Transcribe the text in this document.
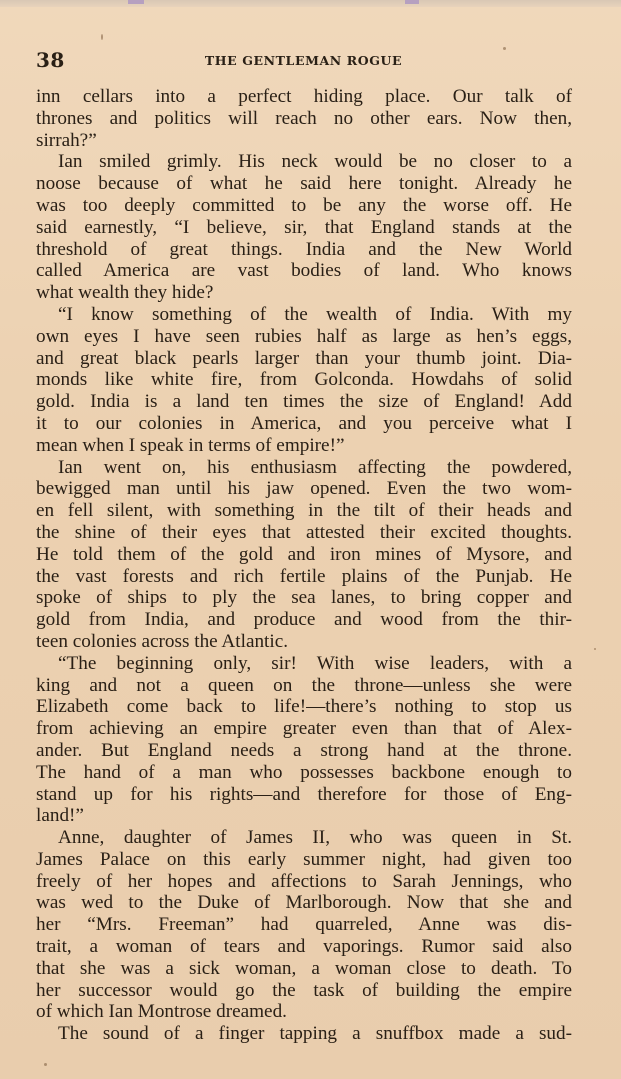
38	THE GENTLEMAN ROGUE
inn cellars into a perfect hiding place. Our talk of
thrones and politics will reach no other ears. Now then,
sirrah?”
Ian smiled grimly. His neck would be no closer to a
noose because of what he said here tonight. Already he
was too deeply committed to be any the worse off. He
said earnestly, “I believe, sir, that England stands at the
threshold of great things. India and the New World
called America are vast bodies of land. Who knows
what wealth they hide?
“I know something of the wealth of India. With my
own eyes I have seen rubies half as large as hen’s eggs,
and great black pearls larger than your thumb joint. Dia-
monds like white fire, from Golconda. Howdahs of solid
gold. India is a land ten times the size of England! Add
it to our colonies in America, and you perceive what I
mean when I speak in terms of empire!”
Ian went on, his enthusiasm affecting the powdered,
bewigged man until his jaw opened. Even the two wom-
en fell silent, with something in the tilt of their heads and
the shine of their eyes that attested their excited thoughts.
He told them of the gold and iron mines of Mysore, and
the vast forests and rich fertile plains of the Punjab. He
spoke of ships to ply the sea lanes, to bring copper and
gold from India, and produce and wood from the thir-
teen colonies across the Atlantic.
“The beginning only, sir! With wise leaders, with a
king and not a queen on the throne—unless she were
Elizabeth come back to life!—there’s nothing to stop us
from achieving an empire greater even than that of Alex-
ander. But England needs a strong hand at the throne.
The hand of a man who possesses backbone enough to
stand up for his rights—and therefore for those of Eng-
land!”
Anne, daughter of James II, who was queen in St.
James Palace on this early summer night, had given too
freely of her hopes and affections to Sarah Jennings, who
was wed to the Duke of Marlborough. Now that she and
her “Mrs. Freeman” had quarreled, Anne was dis-
trait, a woman of tears and vaporings. Rumor said also
that she was a sick woman, a woman close to death. To
her successor would go the task of building the empire
of which Ian Montrose dreamed.
The sound of a finger tapping a snuffbox made a sud-
